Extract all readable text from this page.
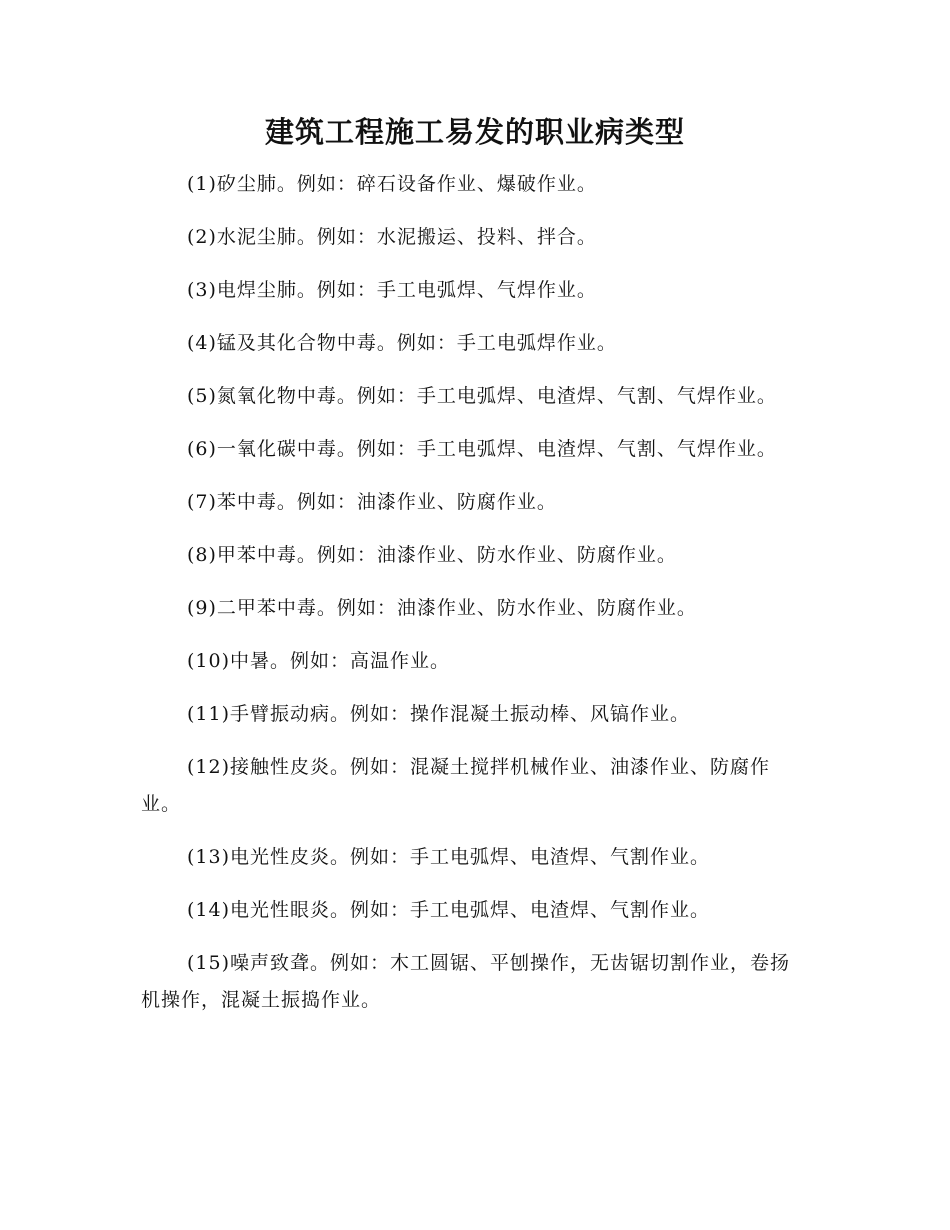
建筑工程施工易发的职业病类型

(1)矽尘肺。例如：碎石设备作业、爆破作业。

(2)水泥尘肺。例如：水泥搬运、投料、拌合。

(3)电焊尘肺。例如：手工电弧焊、气焊作业。

(4)锰及其化合物中毒。例如：手工电弧焊作业。

(5)氮氧化物中毒。例如：手工电弧焊、电渣焊、气割、气焊作业。

(6)一氧化碳中毒。例如：手工电弧焊、电渣焊、气割、气焊作业。

(7)苯中毒。例如：油漆作业、防腐作业。

(8)甲苯中毒。例如：油漆作业、防水作业、防腐作业。

(9)二甲苯中毒。例如：油漆作业、防水作业、防腐作业。

(10)中暑。例如：高温作业。

(11)手臂振动病。例如：操作混凝土振动棒、风镐作业。

(12)接触性皮炎。例如：混凝土搅拌机械作业、油漆作业、防腐作业。

(13)电光性皮炎。例如：手工电弧焊、电渣焊、气割作业。

(14)电光性眼炎。例如：手工电弧焊、电渣焊、气割作业。

(15)噪声致聋。例如：木工圆锯、平刨操作，无齿锯切割作业，卷扬机操作，混凝土振捣作业。
